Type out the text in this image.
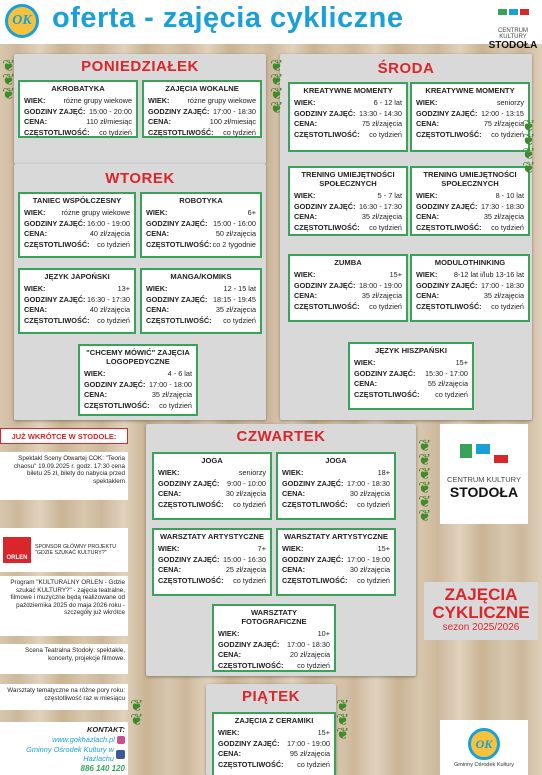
OK oferta - zajęcia cykliczne	CENTRUM KULTURY
STODOŁA
PONIEDZIAŁEK
WTOREK
ŚRODA
CZWARTEK
PIĄTEK
AKROBATYKA
WIEK: różne grupy wiekowe
GODZINY ZAJĘĆ: 15:00 - 20:00
CENA:	110 zł/miesiąc
CZĘSTOTLIWOŚĆ: co tydzień
ZAJĘCIA WOKALNE
WIEK: różne grupy wiekowe
GODZINY ZAJĘĆ: 17:00 - 18:30
CENA:	100 zł/miesiąc
CZĘSTOTLIWOŚĆ: co tydzień
TANIEC WSPÓŁCZESNY
WIEK: różne grupy wiekowe
GODZINY ZAJĘĆ: 16:00 - 19:00
CENA:	40 zł/zajęcia
CZĘSTOTLIWOŚĆ: co tydzień
ROBOTYKA
WIEK:	6+
GODZINY ZAJĘĆ: 15:00 - 16:00
CENA:	50 zł/zajęcia
CZĘSTOTLIWOŚĆ: co 2 tygodnie
JĘZYK JAPOŃSKI
WIEK:	13+
GODZINY ZAJĘĆ: 16:30 - 17:30
CENA:	40 zł/zajęcia
CZĘSTOTLIWOŚĆ: co tydzień
MANGA/KOMIKS
WIEK:	12 - 15 lat
GODZINY ZAJĘĆ: 18:15 - 19:45
CENA:	35 zł/zajęcia
CZĘSTOTLIWOŚĆ: co tydzień
"CHCEMY MÓWIĆ" ZAJĘCIA LOGOPEDYCZNE
WIEK:	4 - 6 lat
GODZINY ZAJĘĆ: 17:00 - 18:00
CENA:	35 zł/zajęcia
CZĘSTOTLIWOŚĆ: co tydzień
KREATYWNE MOMENTY
WIEK:	6 - 12 lat
GODZINY ZAJĘĆ: 13:30 - 14:30
CENA:	75 zł/zajęcia
CZĘSTOTLIWOŚĆ: co tydzień
KREATYWNE MOMENTY
WIEK:	seniorzy
GODZINY ZAJĘĆ: 12:00 - 13:15
CENA:	75 zł/zajęcia
CZĘSTOTLIWOŚĆ: co tydzień
TRENING UMIEJĘTNOŚCI SPOŁECZNYCH
WIEK:	5 - 7 lat
GODZINY ZAJĘĆ: 16:30 - 17:30
CENA:	35 zł/zajęcia
CZĘSTOTLIWOŚĆ: co tydzień
TRENING UMIEJĘTNOŚCI SPOŁECZNYCH
WIEK:	8 - 10 lat
GODZINY ZAJĘĆ: 17:30 - 18:30
CENA:	35 zł/zajęcia
CZĘSTOTLIWOŚĆ: co tydzień
ZUMBA
WIEK:	15+
GODZINY ZAJĘĆ: 18:00 - 19:00
CENA:	35 zł/zajęcia
CZĘSTOTLIWOŚĆ: co tydzień
MODULOTHINKING
WIEK: 8-12 lat i/lub 13-16 lat
GODZINY ZAJĘĆ: 17:00 - 18:30
CENA:	35 zł/zajęcia
CZĘSTOTLIWOŚĆ: co tydzień
JĘZYK HISZPAŃSKI
WIEK:	15+
GODZINY ZAJĘĆ: 15:30 - 17:00
CENA:	55 zł/zajęcia
CZĘSTOTLIWOŚĆ: co tydzień
JOGA
WIEK:	seniorzy
GODZINY ZAJĘĆ: 9:00 - 10:00
CENA:	30 zł/zajęcia
CZĘSTOTLIWOŚĆ: co tydzień
JOGA
WIEK:	18+
GODZINY ZAJĘĆ: 17:00 - 18:30
CENA:	30 zł/zajęcia
CZĘSTOTLIWOŚĆ: co tydzień
WARSZTATY ARTYSTYCZNE
WIEK:	7+
GODZINY ZAJĘĆ: 15:00 - 16:30
CENA:	25 zł/zajęcia
CZĘSTOTLIWOŚĆ: co tydzień
WARSZTATY ARTYSTYCZNE
WIEK:	15+
GODZINY ZAJĘĆ: 17:00 - 19:00
CENA:	30 zł/zajęcia
CZĘSTOTLIWOŚĆ: co tydzień
WARSZTATY FOTOGRAFICZNE
WIEK:	10+
GODZINY ZAJĘĆ: 17:00 - 18:30
CENA:	20 zł/zajęcia
CZĘSTOTLIWOŚĆ: co tydzień
ZAJĘCIA Z CERAMIKI
WIEK:	15+
GODZINY ZAJĘĆ: 17:00 - 19:00
CENA:	95 zł/zajęcia
CZĘSTOTLIWOŚĆ: co tydzień
JUŻ WKRÓTCE W STODOLE:
Spektakl Sceny Otwartej COK: "Teoria chaosu" 19.09.2025 r. godz. 17:30 cena biletu 25 zł, bilety do nabycia przed spektaklem
ORLEN
SPONSOR GŁÓWNY PROJEKTU "GDZIE SZUKAĆ KULTURY?"
Program "KULTURALNY ORLEN - Gdzie szukać KULTURY?" - zajęcia teatralne, filmowe i muzyczne będą realizowane od października 2025 do maja 2026 roku - szczegóły już wkrótce
Scena Teatralna Stodoły: spektakle, koncerty, projekcje filmowe.
Warsztaty tematyczne na różne pory roku: częstotliwość raz w miesiącu
KONTAKT:
www.gokhazlach.pl
Gminny Ośrodek Kultury w Hażlachu
886 140 120

CENTRUM KULTURY
STODOŁA
ZAJĘCIA
CYKLICZNE
sezon 2025/2026
OK
Gminny Ośrodek Kultury
❦
❦
❦
❦
❦
❦
❦
❦
❦
❦
❦
❦
❦
❦
❦
❦
❦
❦
❦
❦
❦
❦
